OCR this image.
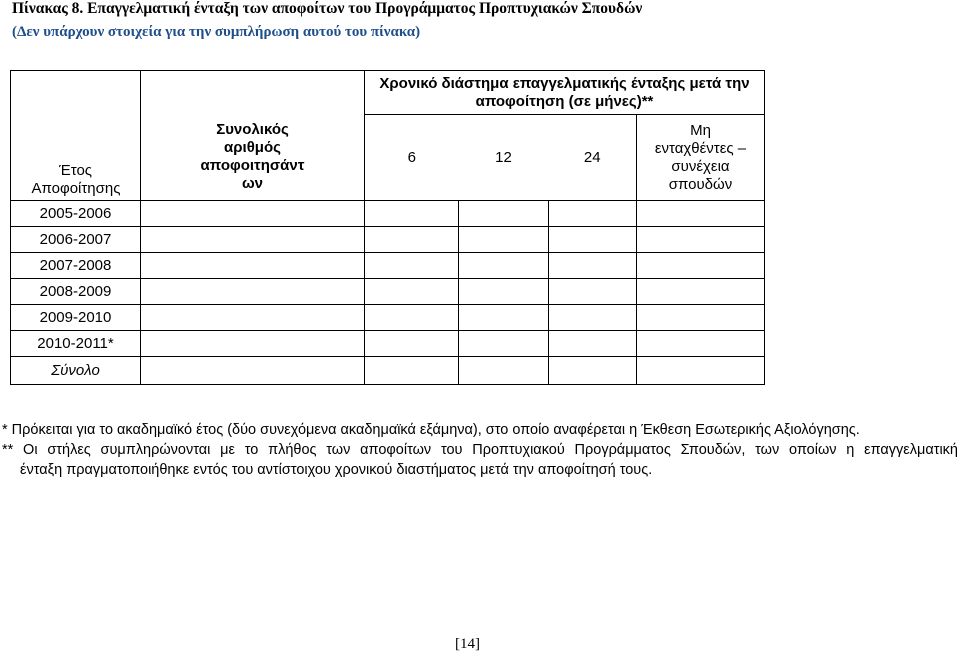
Πίνακας 8. Επαγγελματική ένταξη των αποφοίτων του Προγράμματος Προπτυχιακών Σπουδών
(Δεν υπάρχουν στοιχεία για την συμπλήρωση αυτού του πίνακα)

		Χρονικό διάστημα επαγγελματικής ένταξης μετά την αποφοίτηση (σε μήνες)**			

Έτος Αποφοίτησης	Συνολικός αριθμός αποφοιτησάντ ων	6	12	24	Μη ενταχθέντες – συνέχεια σπουδών

2005-2006					
2006-2007					
2007-2008					
2008-2009					
2009-2010					
2010-2011*					
Σύνολο					
* Πρόκειται για το ακαδημαϊκό έτος (δύο συνεχόμενα ακαδημαϊκά εξάμηνα), στο οποίο αναφέρεται η Έκθεση Εσωτερικής Αξιολόγησης.
** Οι στήλες συμπληρώνονται με το πλήθος των αποφοίτων του Προπτυχιακού Προγράμματος Σπουδών, των οποίων η επαγγελματική
ένταξη πραγματοποιήθηκε εντός του αντίστοιχου χρονικού διαστήματος μετά την αποφοίτησή τους.
[14]
